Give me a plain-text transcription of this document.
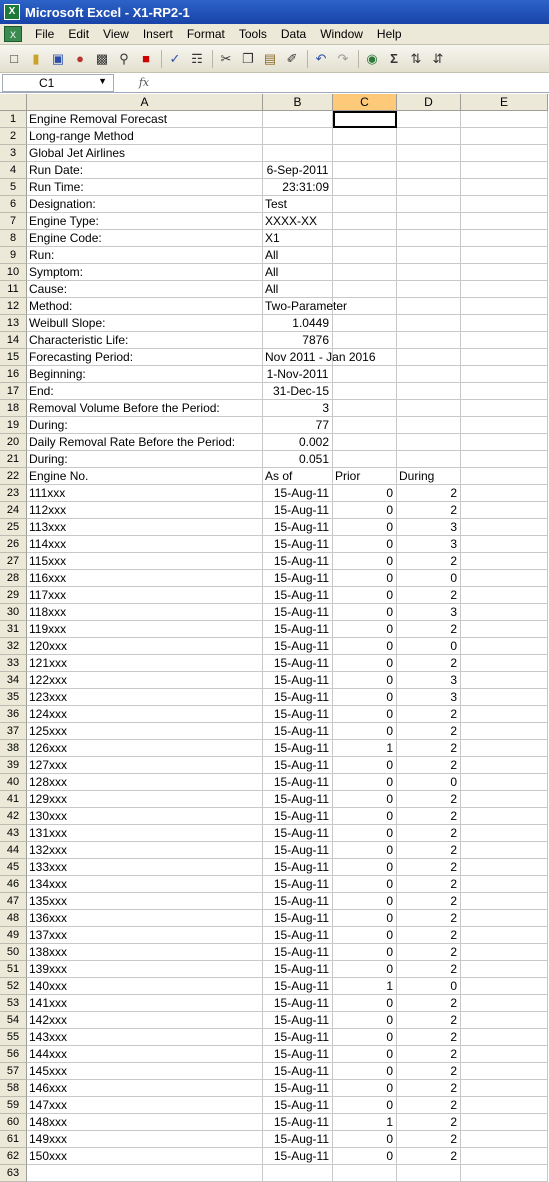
X Microsoft Excel - X1-RP2-1
X	File	Edit	View	Insert	Format	Tools	Data	Window	Help
□	▮ ▣ ● ▩ ⚲	■	✓ ☶	✂ ❐ ▤ ✐	↶ ↷	◉ Σ ⇅ ⇵
C1	▼	fx
A	B	C	D	E
1	Engine Removal Forecast
2	Long-range Method
3	Global Jet Airlines
4	Run Date:	6-Sep-2011
5	Run Time:	23:31:09
6	Designation:	Test
7	Engine Type:	XXXX-XX
8	Engine Code:	X1
9	Run:	All
10 Symptom:	All
11 Cause:	All
12 Method:	Two-Parameter
13 Weibull Slope:	1.0449
14 Characteristic Life:	7876
15 Forecasting Period:	Nov 2011 - Jan 2016
16 Beginning:	1-Nov-2011
17 End:	31-Dec-15
18 Removal Volume Before the Period:	3
19 During:	77
20 Daily Removal Rate Before the Period:	0.002
21 During:	0.051
22 Engine No.	As of	Prior	During
23 111xxx	15-Aug-11	0	2
24 112xxx	15-Aug-11	0	2
25 113xxx	15-Aug-11	0	3
26 114xxx	15-Aug-11	0	3
27 115xxx	15-Aug-11	0	2
28 116xxx	15-Aug-11	0	0
29 117xxx	15-Aug-11	0	2
30 118xxx	15-Aug-11	0	3
31 119xxx	15-Aug-11	0	2
32 120xxx	15-Aug-11	0	0
33 121xxx	15-Aug-11	0	2
34 122xxx	15-Aug-11	0	3
35 123xxx	15-Aug-11	0	3
36 124xxx	15-Aug-11	0	2
37 125xxx	15-Aug-11	0	2
38 126xxx	15-Aug-11	1	2
39 127xxx	15-Aug-11	0	2
40 128xxx	15-Aug-11	0	0
41 129xxx	15-Aug-11	0	2
42 130xxx	15-Aug-11	0	2
43 131xxx	15-Aug-11	0	2
44 132xxx	15-Aug-11	0	2
45 133xxx	15-Aug-11	0	2
46 134xxx	15-Aug-11	0	2
47 135xxx	15-Aug-11	0	2
48 136xxx	15-Aug-11	0	2
49 137xxx	15-Aug-11	0	2
50 138xxx	15-Aug-11	0	2
51 139xxx	15-Aug-11	0	2
52 140xxx	15-Aug-11	1	0
53 141xxx	15-Aug-11	0	2
54 142xxx	15-Aug-11	0	2
55 143xxx	15-Aug-11	0	2
56 144xxx	15-Aug-11	0	2
57 145xxx	15-Aug-11	0	2
58 146xxx	15-Aug-11	0	2
59 147xxx	15-Aug-11	0	2
60 148xxx	15-Aug-11	1	2
61 149xxx	15-Aug-11	0	2
62 150xxx	15-Aug-11	0	2
63
